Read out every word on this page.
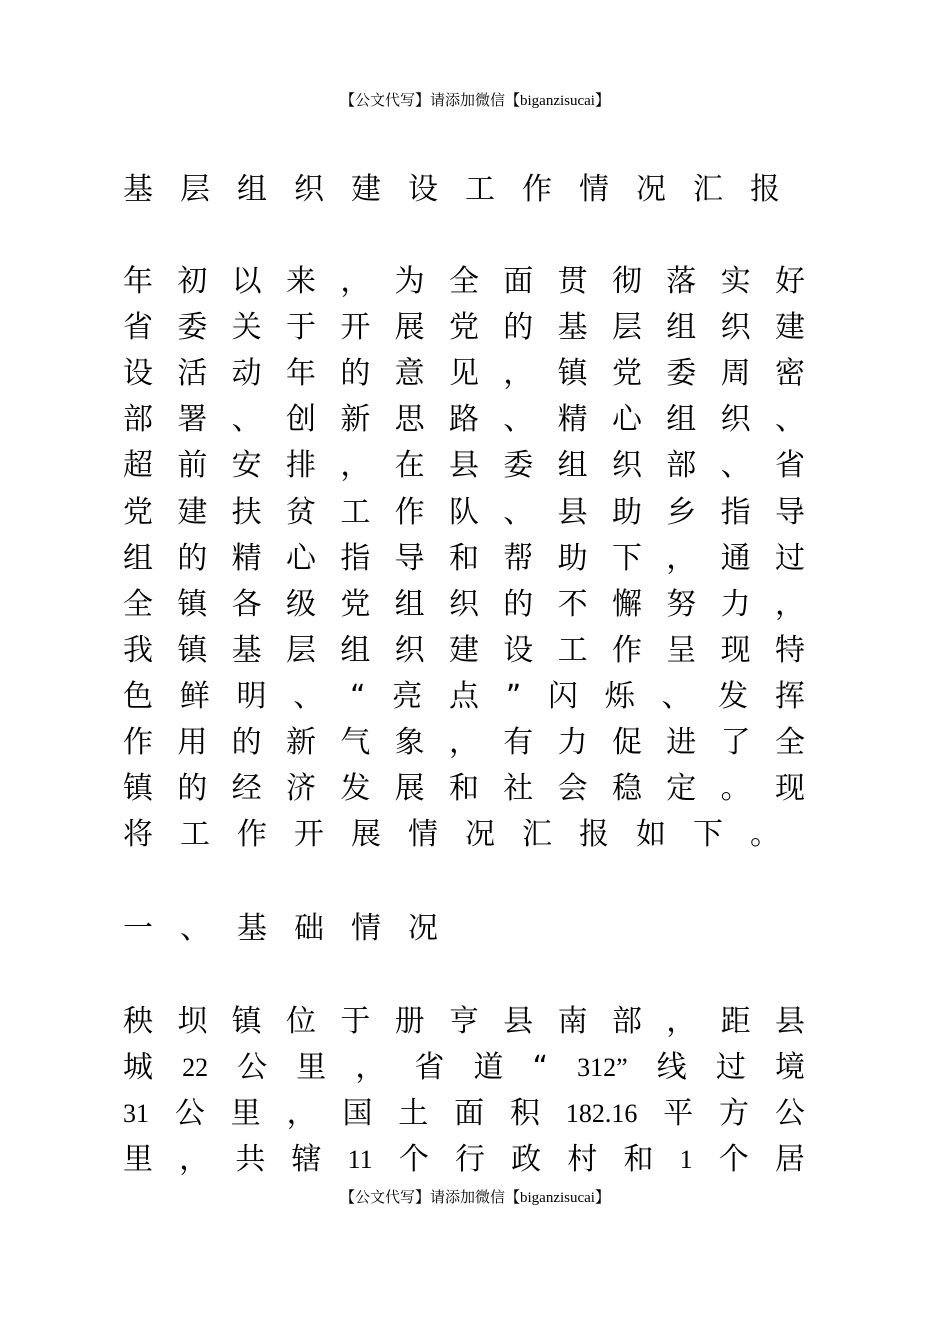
【公文代写】请添加微信【biganzisucai】
基 层 组 织 建 设 工 作 情 况 汇 报
年 初 以 来 ， 为 全 面 贯 彻 落 实 好
省 委 关 于 开 展 党 的 基 层 组 织 建
设 活 动 年 的 意 见 ， 镇 党 委 周 密
部 署 、 创 新 思 路 、 精 心 组 织 、
超 前 安 排 ， 在 县 委 组 织 部 、 省
党 建 扶 贫 工 作 队 、 县 助 乡 指 导
组 的 精 心 指 导 和 帮 助 下 ， 通 过
全 镇 各 级 党 组 织 的 不 懈 努 力 ，
我 镇 基 层 组 织 建 设 工 作 呈 现 特
色 鲜 明 、 “ 亮 点 ” 闪 烁 、 发 挥
作 用 的 新 气 象 ， 有 力 促 进 了 全
镇 的 经 济 发 展 和 社 会 稳 定 。 现
将 工 作 开 展 情 况 汇 报 如 下 。
一 、 基 础 情 况
秧 坝 镇 位 于 册 亨 县 南 部 ， 距 县
城 22 公 里 ， 省 道 “ 312” 线 过 境
31 公 里 ， 国 土 面 积 182.16 平 方 公
里 ， 共 辖 11 个 行 政 村 和 1 个 居
【公文代写】请添加微信【biganzisucai】
